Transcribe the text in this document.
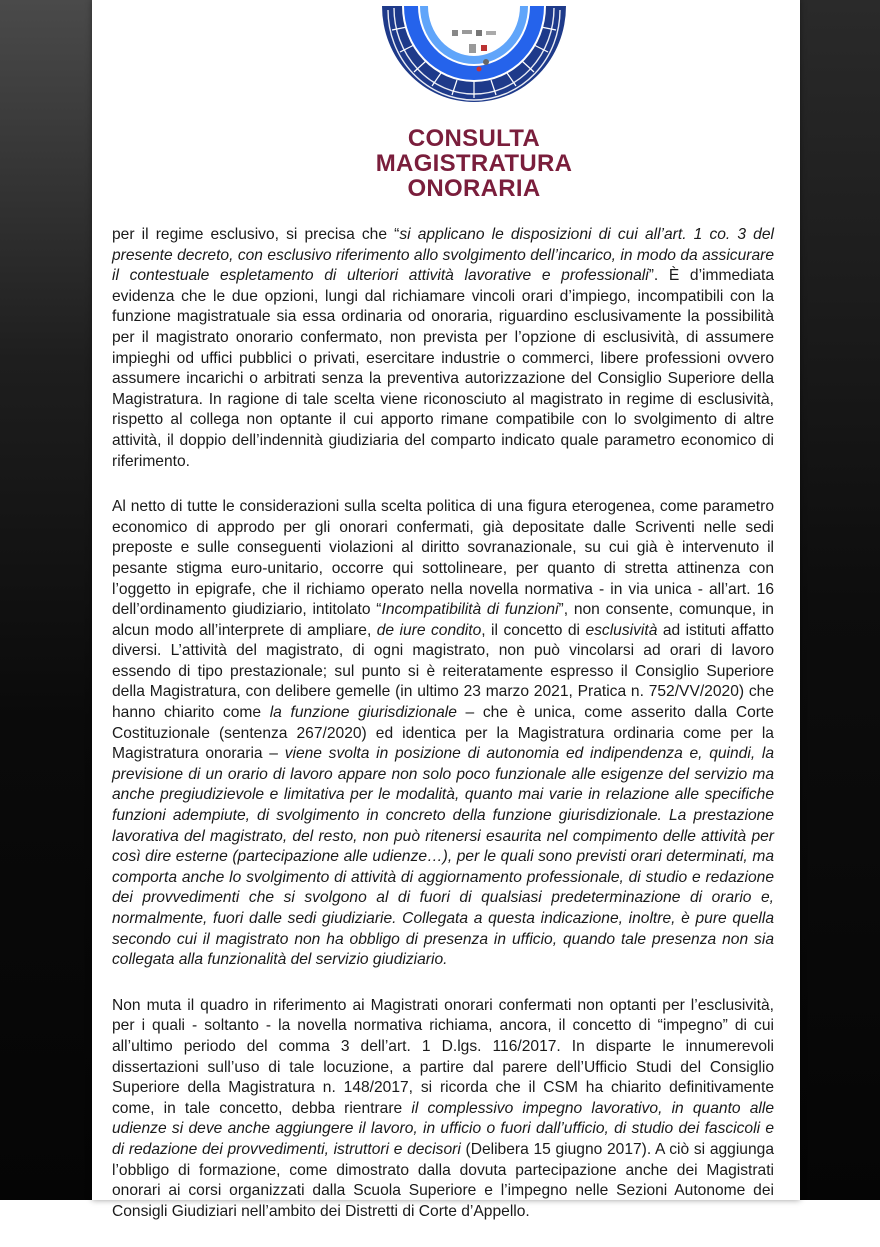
CONSULTA
MAGISTRATURA
ONORARIA

per il regime esclusivo, si precisa che “si applicano le disposizioni di cui all’art. 1 co. 3 del presente decreto, con esclusivo riferimento allo svolgimento dell’incarico, in modo da assicurare il contestuale espletamento di ulteriori attività lavorative e professionali”. È d’immediata evidenza che le due opzioni, lungi dal richiamare vincoli orari d’impiego, incompatibili con la funzione magistratuale sia essa ordinaria od onoraria, riguardino esclusivamente la possibilità per il magistrato onorario confermato, non prevista per l’opzione di esclusività, di assumere impieghi od uffici pubblici o privati, esercitare industrie o commerci, libere professioni ovvero assumere incarichi o arbitrati senza la preventiva autorizzazione del Consiglio Superiore della Magistratura. In ragione di tale scelta viene riconosciuto al magistrato in regime di esclusività, rispetto al collega non optante il cui apporto rimane compatibile con lo svolgimento di altre attività, il doppio dell’indennità giudiziaria del comparto indicato quale parametro economico di riferimento.

Al netto di tutte le considerazioni sulla scelta politica di una figura eterogenea, come parametro economico di approdo per gli onorari confermati, già depositate dalle Scriventi nelle sedi preposte e sulle conseguenti violazioni al diritto sovranazionale, su cui già è intervenuto il pesante stigma euro-unitario, occorre qui sottolineare, per quanto di stretta attinenza con l’oggetto in epigrafe, che il richiamo operato nella novella normativa - in via unica - all’art. 16 dell’ordinamento giudiziario, intitolato “Incompatibilità di funzioni”, non consente, comunque, in alcun modo all’interprete di ampliare, de iure condito, il concetto di esclusività ad istituti affatto diversi. L’attività del magistrato, di ogni magistrato, non può vincolarsi ad orari di lavoro essendo di tipo prestazionale; sul punto si è reiteratamente espresso il Consiglio Superiore della Magistratura, con delibere gemelle (in ultimo 23 marzo 2021, Pratica n. 752/VV/2020) che hanno chiarito come la funzione giurisdizionale – che è unica, come asserito dalla Corte Costituzionale (sentenza 267/2020) ed identica per la Magistratura ordinaria come per la Magistratura onoraria – viene svolta in posizione di autonomia ed indipendenza e, quindi, la previsione di un orario di lavoro appare non solo poco funzionale alle esigenze del servizio ma anche pregiudizievole e limitativa per le modalità, quanto mai varie in relazione alle specifiche funzioni adempiute, di svolgimento in concreto della funzione giurisdizionale. La prestazione lavorativa del magistrato, del resto, non può ritenersi esaurita nel compimento delle attività per così dire esterne (partecipazione alle udienze…), per le quali sono previsti orari determinati, ma comporta anche lo svolgimento di attività di aggiornamento professionale, di studio e redazione dei provvedimenti che si svolgono al di fuori di qualsiasi predeterminazione di orario e, normalmente, fuori dalle sedi giudiziarie. Collegata a questa indicazione, inoltre, è pure quella secondo cui il magistrato non ha obbligo di presenza in ufficio, quando tale presenza non sia collegata alla funzionalità del servizio giudiziario.

Non muta il quadro in riferimento ai Magistrati onorari confermati non optanti per l’esclusività, per i quali - soltanto - la novella normativa richiama, ancora, il concetto di “impegno” di cui all’ultimo periodo del comma 3 dell’art. 1 D.lgs. 116/2017. In disparte le innumerevoli dissertazioni sull’uso di tale locuzione, a partire dal parere dell’Ufficio Studi del Consiglio Superiore della Magistratura n. 148/2017, si ricorda che il CSM ha chiarito definitivamente come, in tale concetto, debba rientrare il complessivo impegno lavorativo, in quanto alle udienze si deve anche aggiungere il lavoro, in ufficio o fuori dall’ufficio, di studio dei fascicoli e di redazione dei provvedimenti, istruttori e decisori (Delibera 15 giugno 2017). A ciò si aggiunga l’obbligo di formazione, come dimostrato dalla dovuta partecipazione anche dei Magistrati onorari ai corsi organizzati dalla Scuola Superiore e l’impegno nelle Sezioni Autonome dei Consigli Giudiziari nell’ambito dei Distretti di Corte d’Appello.
